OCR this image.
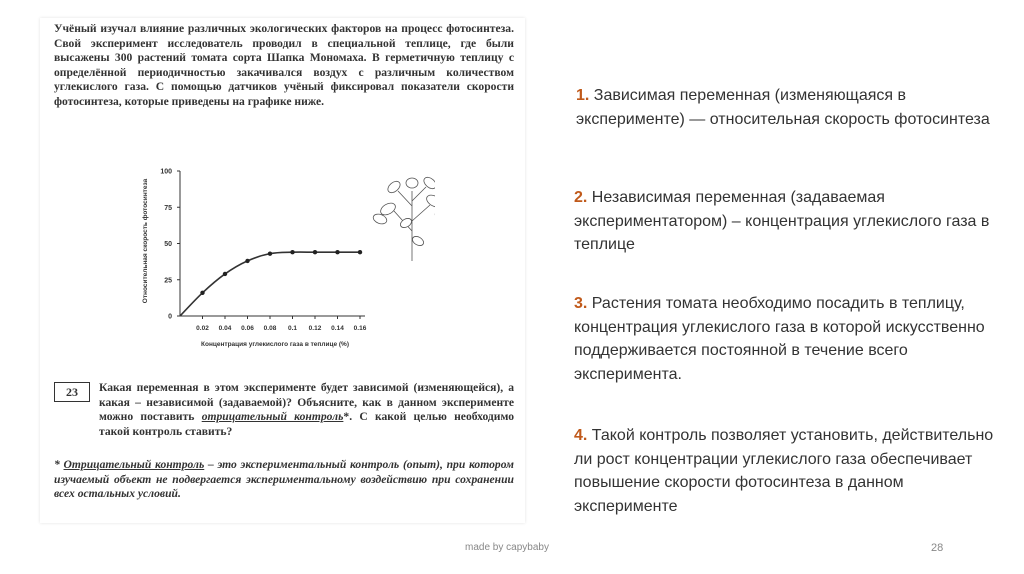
Учёный изучал влияние различных экологических факторов на процесс фотосинтеза. Свой эксперимент исследователь проводил в специальной теплице, где были высажены 300 растений томата сорта Шапка Мономаха. В герметичную теплицу с определённой периодичностью закачивался воздух с различным количеством углекислого газа. С помощью датчиков учёный фиксировал показатели скорости фотосинтеза, которые приведены на графике ниже.

Относительная скорость фотосинтеза
Концентрация углекислого газа в теплице (%)
0
25
50
75
100
0.02 0.04 0.06 0.08 0.1 0.12 0.14 0.16
23	Какая переменная в этом эксперименте будет зависимой (изменяющейся), а какая – независимой (задаваемой)? Объясните, как в данном эксперименте можно поставить отрицательный контроль*. С какой целью необходимо такой контроль ставить?

* Отрицательный контроль – это экспериментальный контроль (опыт), при котором изучаемый объект не подвергается экспериментальному воздействию при сохранении всех остальных условий.

1. Зависимая переменная (изменяющаяся в эксперименте) — относительная скорость фотосинтеза

2. Независимая переменная (задаваемая экспериментатором) – концентрация углекислого газа в теплице

3. Растения томата необходимо посадить в теплицу, концентрация углекислого газа в которой искусственно поддерживается постоянной в течение всего эксперимента.

4. Такой контроль позволяет установить, действительно ли рост концентрации углекислого газа обеспечивает повышение скорости фотосинтеза в данном эксперименте

made by capybaby	28
